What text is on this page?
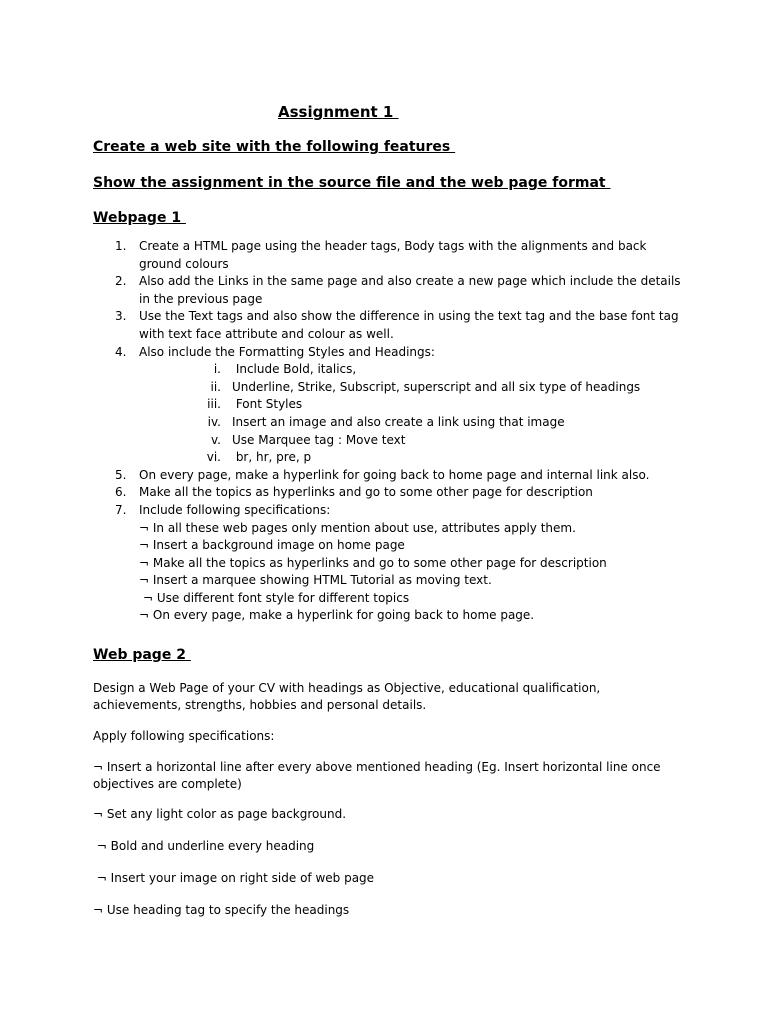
Assignment 1
Create a web site with the following features
Show the assignment in the source file and the web page format
Webpage 1
1. Create a HTML page using the header tags, Body tags with the alignments and back ground colours
2. Also add the Links in the same page and also create a new page which include the details in the previous page
3. Use the Text tags and also show the difference in using the text tag and the base font tag with text face attribute and colour as well.
4. Also include the Formatting Styles and Headings:
i. Include Bold, italics,
ii. Underline, Strike, Subscript, superscript and all six type of headings
iii. Font Styles
iv. Insert an image and also create a link using that image
v. Use Marquee tag : Move text
vi. br, hr, pre, p
5. On every page, make a hyperlink for going back to home page and internal link also.
6. Make all the topics as hyperlinks and go to some other page for description
7. Include following specifications:
¬ In all these web pages only mention about use, attributes apply them.
¬ Insert a background image on home page
¬ Make all the topics as hyperlinks and go to some other page for description
¬ Insert a marquee showing HTML Tutorial as moving text.
¬ Use different font style for different topics
¬ On every page, make a hyperlink for going back to home page.
Web page 2
Design a Web Page of your CV with headings as Objective, educational qualification, achievements, strengths, hobbies and personal details.
Apply following specifications:
¬ Insert a horizontal line after every above mentioned heading (Eg. Insert horizontal line once objectives are complete)
¬ Set any light color as page background.
¬ Bold and underline every heading
¬ Insert your image on right side of web page
¬ Use heading tag to specify the headings
